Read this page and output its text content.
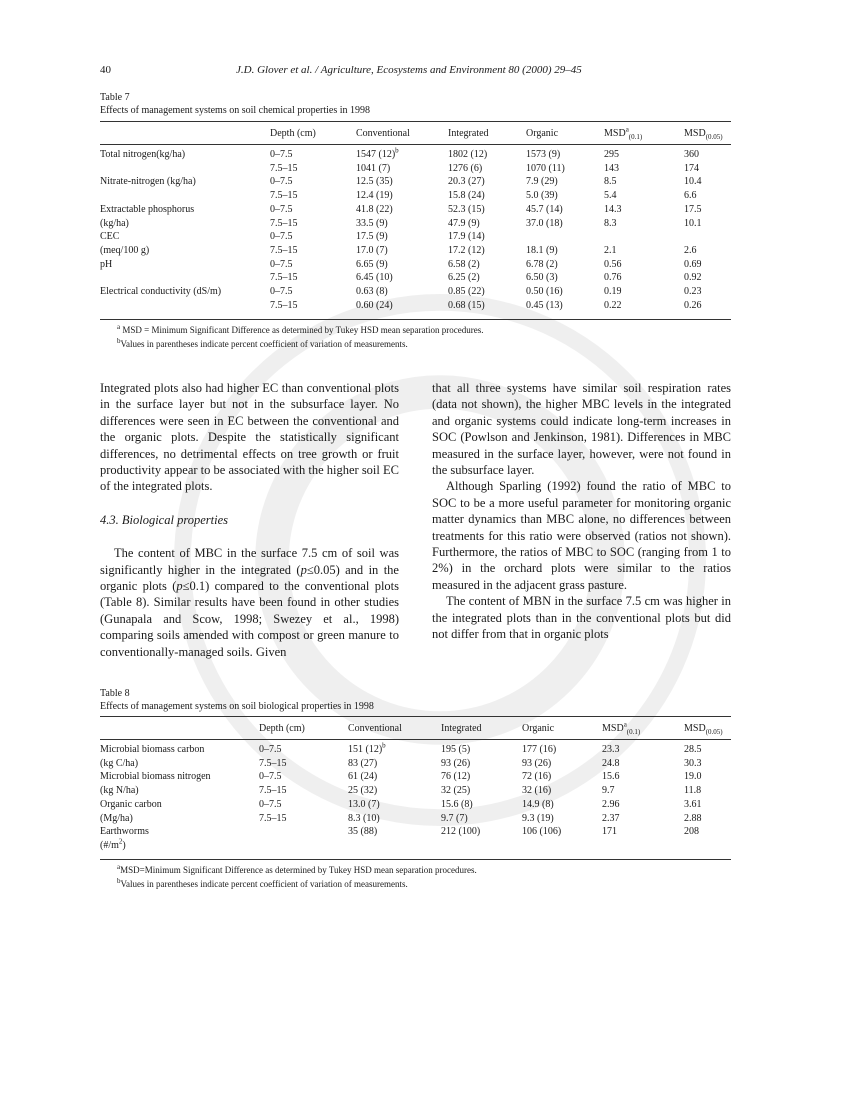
40	J.D. Glover et al. / Agriculture, Ecosystems and Environment 80 (2000) 29–45
Table 7
Effects of management systems on soil chemical properties in 1998
	Depth (cm)	Conventional	Integrated	Organic	$MSD^a_{(0.1)}$	$MSD_{(0.05)}$
Total nitrogen(kg/ha)	0–7.5	1547 $(12)^b$	1802 (12)	1573 (9)	295	360
	7.5–15	1041 (7)	1276 (6)	1070 (11)	143	174
Nitrate-nitrogen (kg/ha)	0–7.5	12.5 (35)	20.3 (27)	7.9 (29)	8.5	10.4
	7.5–15	12.4 (19)	15.8 (24)	5.0 (39)	5.4	6.6
Extractable phosphorus	0–7.5	41.8 (22)	52.3 (15)	45.7 (14)	14.3	17.5
(kg/ha)	7.5–15	33.5 (9)	47.9 (9)	37.0 (18)	8.3	10.1
CEC	0–7.5	17.5 (9)	17.9 (14)			
(meq/100 g)	7.5–15	17.0 (7)	17.2 (12)	18.1 (9)	2.1	2.6
pH	0–7.5	6.65 (9)	6.58 (2)	6.78 (2)	0.56	0.69
	7.5–15	6.45 (10)	6.25 (2)	6.50 (3)	0.76	0.92
Electrical conductivity (dS/m)	0–7.5	0.63 (8)	0.85 (22)	0.50 (16)	0.19	0.23
	7.5–15	0.60 (24)	0.68 (15)	0.45 (13)	0.22	0.26
$^a$ MSD = Minimum Significant Difference as determined by Tukey HSD mean separation procedures.
$^b$Values in parentheses indicate percent coefficient of variation of measurements.

Integrated plots also had higher EC than conventional plots in the surface layer but not in the subsurface layer. No differences were seen in EC between the conventional and the organic plots. Despite the statistically significant differences, no detrimental effects on tree growth or fruit productivity appear to be associated with the higher soil EC of the integrated plots.

4.3. Biological properties

The content of MBC in the surface 7.5 cm of soil was significantly higher in the integrated (p≤0.05) and in the organic plots (p≤0.1) compared to the conventional plots (Table 8). Similar results have been found in other studies (Gunapala and Scow, 1998; Swezey et al., 1998) comparing soils amended with compost or green manure to conventionally-managed soils. Given

that all three systems have similar soil respiration rates (data not shown), the higher MBC levels in the integrated and organic systems could indicate long-term increases in SOC (Powlson and Jenkinson, 1981). Differences in MBC measured in the surface layer, however, were not found in the subsurface layer.

Although Sparling (1992) found the ratio of MBC to SOC to be a more useful parameter for monitoring organic matter dynamics than MBC alone, no differences between treatments for this ratio were observed (ratios not shown). Furthermore, the ratios of MBC to SOC (ranging from 1 to 2%) in the orchard plots were similar to the ratios measured in the adjacent grass pasture.

The content of MBN in the surface 7.5 cm was higher in the integrated plots than in the conventional plots but did not differ from that in organic plots

Table 8
Effects of management systems on soil biological properties in 1998
	Depth (cm)	Conventional	Integrated	Organic	$MSD^a_{(0.1)}$	$MSD_{(0.05)}$
Microbial biomass carbon	0–7.5	151 $(12)^b$	195 (5)	177 (16)	23.3	28.5
(kg C/ha)	7.5–15	83 (27)	93 (26)	93 (26)	24.8	30.3
Microbial biomass nitrogen	0–7.5	61 (24)	76 (12)	72 (16)	15.6	19.0
(kg N/ha)	7.5–15	25 (32)	32 (25)	32 (16)	9.7	11.8
Organic carbon	0–7.5	13.0 (7)	15.6 (8)	14.9 (8)	2.96	3.61
(Mg/ha)	7.5–15	8.3 (10)	9.7 (7)	9.3 (19)	2.37	2.88
Earthworms		35 (88)	212 (100)	106 (106)	171	208
$(\#/m^2)$						
$^a$MSD=Minimum Significant Difference as determined by Tukey HSD mean separation procedures.
$^b$Values in parentheses indicate percent coefficient of variation of measurements.
